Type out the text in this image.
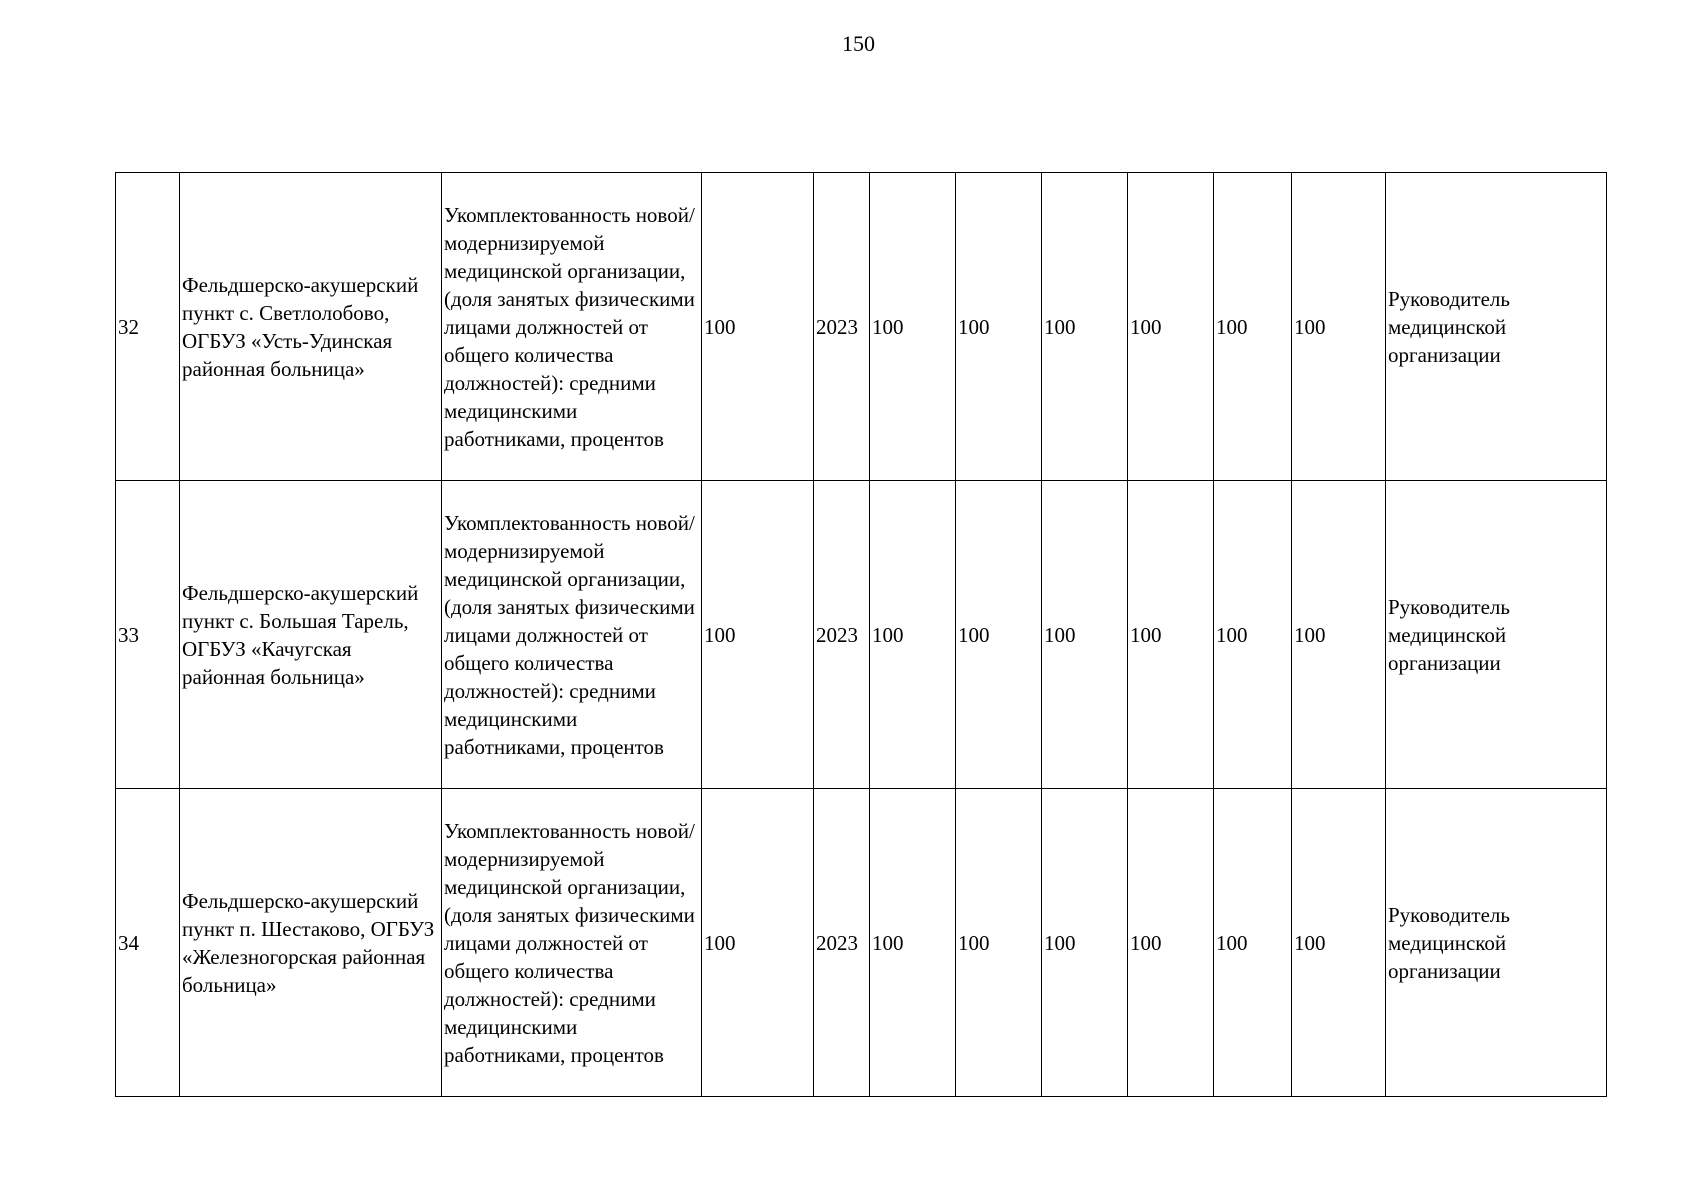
150
32	Фельдшерско-акушерский пункт с. Светлолобово, ОГБУЗ «Усть-Удинская районная больница»	Укомплектованность новой/модернизируемой медицинской организации, (доля занятых физическими лицами должностей от общего количества должностей): средними медицинскими работниками, процентов	100	2023	100	100	100	100	100	100	Руководитель медицинской организации
33	Фельдшерско-акушерский пункт с. Большая Тарель, ОГБУЗ «Качугская районная больница»	Укомплектованность новой/модернизируемой медицинской организации, (доля занятых физическими лицами должностей от общего количества должностей): средними медицинскими работниками, процентов	100	2023	100	100	100	100	100	100	Руководитель медицинской организации
34	Фельдшерско-акушерский пункт п. Шестаково, ОГБУЗ «Железногорская районная больница»	Укомплектованность новой/модернизируемой медицинской организации, (доля занятых физическими лицами должностей от общего количества должностей): средними медицинскими работниками, процентов	100	2023	100	100	100	100	100	100	Руководитель медицинской организации
